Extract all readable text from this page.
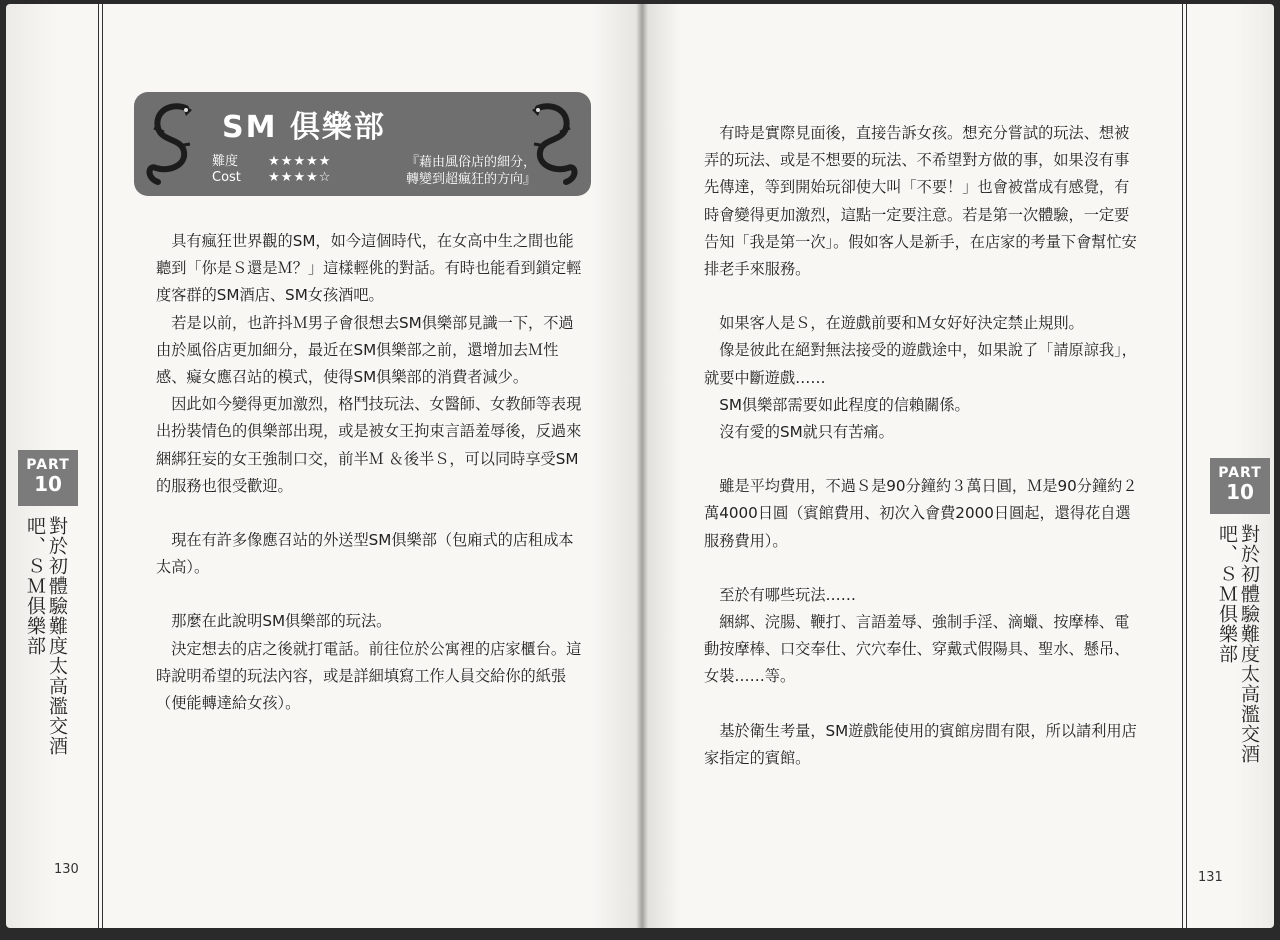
PART
10
對於初體驗難度太高濫交酒吧、ＳＭ俱樂部
130
SM 俱樂部
難度 ★★★★★
Cost ★★★★☆
『藉由風俗店的細分，
轉變到超瘋狂的方向』

具有瘋狂世界觀的SM，如今這個時代，在女高中生之間也能聽到「你是Ｓ還是Ｍ？」這樣輕佻的對話。有時也能看到鎖定輕度客群的SM酒店、SM女孩酒吧。

若是以前，也許抖Ｍ男子會很想去SM俱樂部見識一下，不過由於風俗店更加細分，最近在SM俱樂部之前，還增加去Ｍ性感、癡女應召站的模式，使得SM俱樂部的消費者減少。

因此如今變得更加激烈，格鬥技玩法、女醫師、女教師等表現出扮裝情色的俱樂部出現，或是被女王拘束言語羞辱後，反過來綑綁狂妄的女王強制口交，前半Ｍ ＆後半Ｓ，可以同時享受SM的服務也很受歡迎。

現在有許多像應召站的外送型SM俱樂部（包廂式的店租成本太高）。

那麼在此說明SM俱樂部的玩法。

決定想去的店之後就打電話。前往位於公寓裡的店家櫃台。這時說明希望的玩法內容，或是詳細填寫工作人員交給你的紙張（便能轉達給女孩）。

PART
10
對於初體驗難度太高濫交酒吧、ＳＭ俱樂部
131

有時是實際見面後，直接告訴女孩。想充分嘗試的玩法、想被弄的玩法、或是不想要的玩法、不希望對方做的事，如果沒有事先傳達，等到開始玩卻使大叫「不要！」也會被當成有感覺，有時會變得更加激烈，這點一定要注意。若是第一次體驗，一定要告知「我是第一次」。假如客人是新手，在店家的考量下會幫忙安排老手來服務。

如果客人是Ｓ，在遊戲前要和Ｍ女好好決定禁止規則。

像是彼此在絕對無法接受的遊戲途中，如果說了「請原諒我」，就要中斷遊戲……

SM俱樂部需要如此程度的信賴關係。

沒有愛的SM就只有苦痛。

雖是平均費用，不過Ｓ是90分鐘約３萬日圓，Ｍ是90分鐘約２萬4000日圓（賓館費用、初次入會費2000日圓起，還得花自選服務費用）。

至於有哪些玩法……

綑綁、浣腸、鞭打、言語羞辱、強制手淫、滴蠟、按摩棒、電動按摩棒、口交奉仕、穴穴奉仕、穿戴式假陽具、聖水、懸吊、女裝……等。

基於衛生考量，SM遊戲能使用的賓館房間有限，所以請利用店家指定的賓館。
